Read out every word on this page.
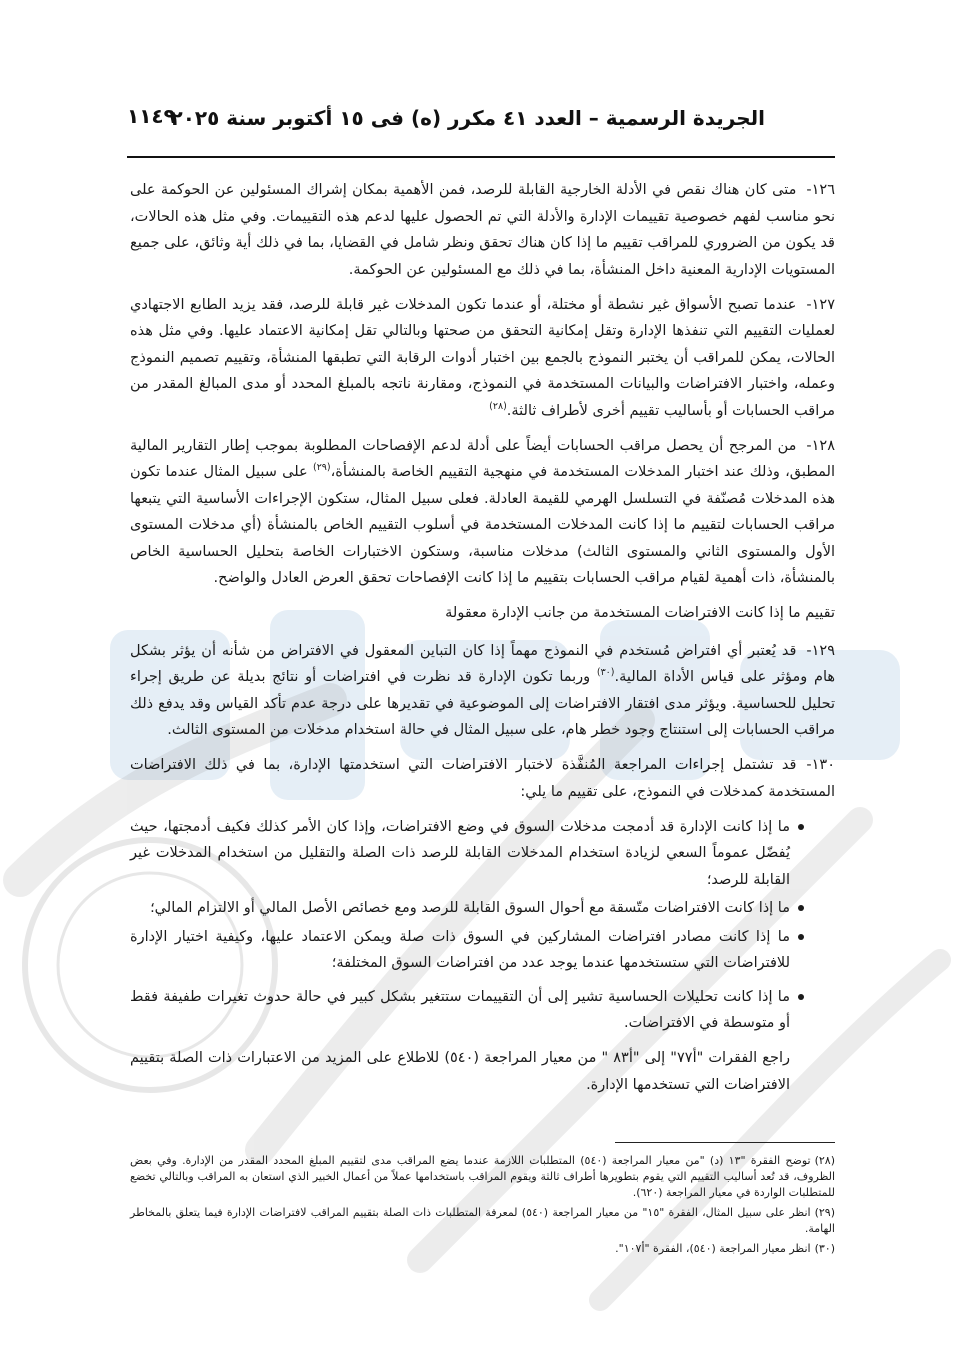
الجريدة الرسمية – العدد ٤١ مكرر (ه) فى ١٥ أكتوبر سنة ٢٠٢٥
١١٤٩

١٢٦-متى كان هناك نقص في الأدلة الخارجية القابلة للرصد، فمن الأهمية بمكان إشراك المسئولين عن الحوكمة على نحو مناسب لفهم خصوصية تقييمات الإدارة والأدلة التي تم الحصول عليها لدعم هذه التقييمات. وفي مثل هذه الحالات، قد يكون من الضروري للمراقب تقييم ما إذا كان هناك تحقق ونظر شامل في القضايا، بما في ذلك أية وثائق، على جميع المستويات الإدارية المعنية داخل المنشأة، بما في ذلك مع المسئولين عن الحوكمة.

١٢٧-عندما تصبح الأسواق غير نشطة أو مختلة، أو عندما تكون المدخلات غير قابلة للرصد، فقد يزيد الطابع الاجتهادي لعمليات التقييم التي تنفذها الإدارة وتقل إمكانية التحقق من صحتها وبالتالي تقل إمكانية الاعتماد عليها. وفي مثل هذه الحالات، يمكن للمراقب أن يختبر النموذج بالجمع بين اختبار أدوات الرقابة التي تطبقها المنشأة، وتقييم تصميم النموذج وعمله، واختبار الافتراضات والبيانات المستخدمة في النموذج، ومقارنة ناتجه بالمبلغ المحدد أو مدى المبالغ المقدر من مراقب الحسابات أو بأساليب تقييم أخرى لأطراف ثالثة.$^{(٢٨)}$

١٢٨-من المرجح أن يحصل مراقب الحسابات أيضاً على أدلة لدعم الإفصاحات المطلوبة بموجب إطار التقارير المالية المطبق، وذلك عند اختبار المدخلات المستخدمة في منهجية التقييم الخاصة بالمنشأة،$^{(٢٩)}$ على سبيل المثال عندما تكون هذه المدخلات مُصنّفة في التسلسل الهرمي للقيمة العادلة. فعلى سبيل المثال، ستكون الإجراءات الأساسية التي يتبعها مراقب الحسابات لتقييم ما إذا كانت المدخلات المستخدمة في أسلوب التقييم الخاص بالمنشأة (أي مدخلات المستوى الأول والمستوى الثاني والمستوى الثالث) مدخلات مناسبة، وستكون الاختبارات الخاصة بتحليل الحساسية الخاص بالمنشأة، ذات أهمية لقيام مراقب الحسابات بتقييم ما إذا كانت الإفصاحات تحقق العرض العادل والواضح.

تقييم ما إذا كانت الافتراضات المستخدمة من جانب الإدارة معقولة

١٢٩-قد يُعتبر أي افتراض مُستخدم في النموذج مهماً إذا كان التباين المعقول في الافتراض من شأنه أن يؤثر بشكل هام ومؤثر على قياس الأداة المالية.$^{(٣٠)}$ وربما تكون الإدارة قد نظرت في افتراضات أو نتائج بديلة عن طريق إجراء تحليل للحساسية. ويؤثر مدى افتقار الافتراضات إلى الموضوعية في تقديرها على درجة عدم تأكد القياس وقد يدفع ذلك مراقب الحسابات إلى استنتاج وجود خطر هام، على سبيل المثال في حالة استخدام مدخلات من المستوى الثالث.

١٣٠-قد تشتمل إجراءات المراجعة المُنفَّذة لاختبار الافتراضات التي استخدمتها الإدارة، بما في ذلك الافتراضات المستخدمة كمدخلات في النموذج، على تقييم ما يلي:

ما إذا كانت الإدارة قد أدمجت مدخلات السوق في وضع الافتراضات، وإذا كان الأمر كذلك فكيف أدمجتها، حيث يُفضّل عموماً السعي لزيادة استخدام المدخلات القابلة للرصد ذات الصلة والتقليل من استخدام المدخلات غير القابلة للرصد؛
ما إذا كانت الافتراضات متّسقة مع أحوال السوق القابلة للرصد ومع خصائص الأصل المالي أو الالتزام المالي؛
ما إذا كانت مصادر افتراضات المشاركين في السوق ذات صلة ويمكن الاعتماد عليها، وكيفية اختيار الإدارة للافتراضات التي ستستخدمها عندما يوجد عدد من افتراضات السوق المختلفة؛
ما إذا كانت تحليلات الحساسية تشير إلى أن التقييمات ستتغير بشكل كبير في حالة حدوث تغيرات طفيفة فقط أو متوسطة في الافتراضات.

راجع الفقرات "أ٧٧" إلى "أ٨٣ " من معيار المراجعة (٥٤٠) للاطلاع على المزيد من الاعتبارات ذات الصلة بتقييم الافتراضات التي تستخدمها الإدارة.

(٢٨)توضح الفقرة "١٣ (د) "من معيار المراجعة (٥٤٠) المتطلبات اللازمة عندما يضع المراقب مدى لتقييم المبلغ المحدد المقدر من الإدارة. وفي بعض الظروف، قد تُعد أساليب التقييم التي يقوم بتطويرها أطراف ثالثة ويقوم المراقب باستخدامها عملاً من أعمال الخبير الذي استعان به المراقب وبالتالي تخضع للمتطلبات الواردة في معيار المراجعة (٦٢٠).

(٢٩)انظر على سبيل المثال، الفقرة "١٥" من معيار المراجعة (٥٤٠) لمعرفة المتطلبات ذات الصلة بتقييم المراقب لافتراضات الإدارة فيما يتعلق بالمخاطر الهامة.

(٣٠)انظر معيار المراجعة (٥٤٠)، الفقرة "أ١٠٧".
